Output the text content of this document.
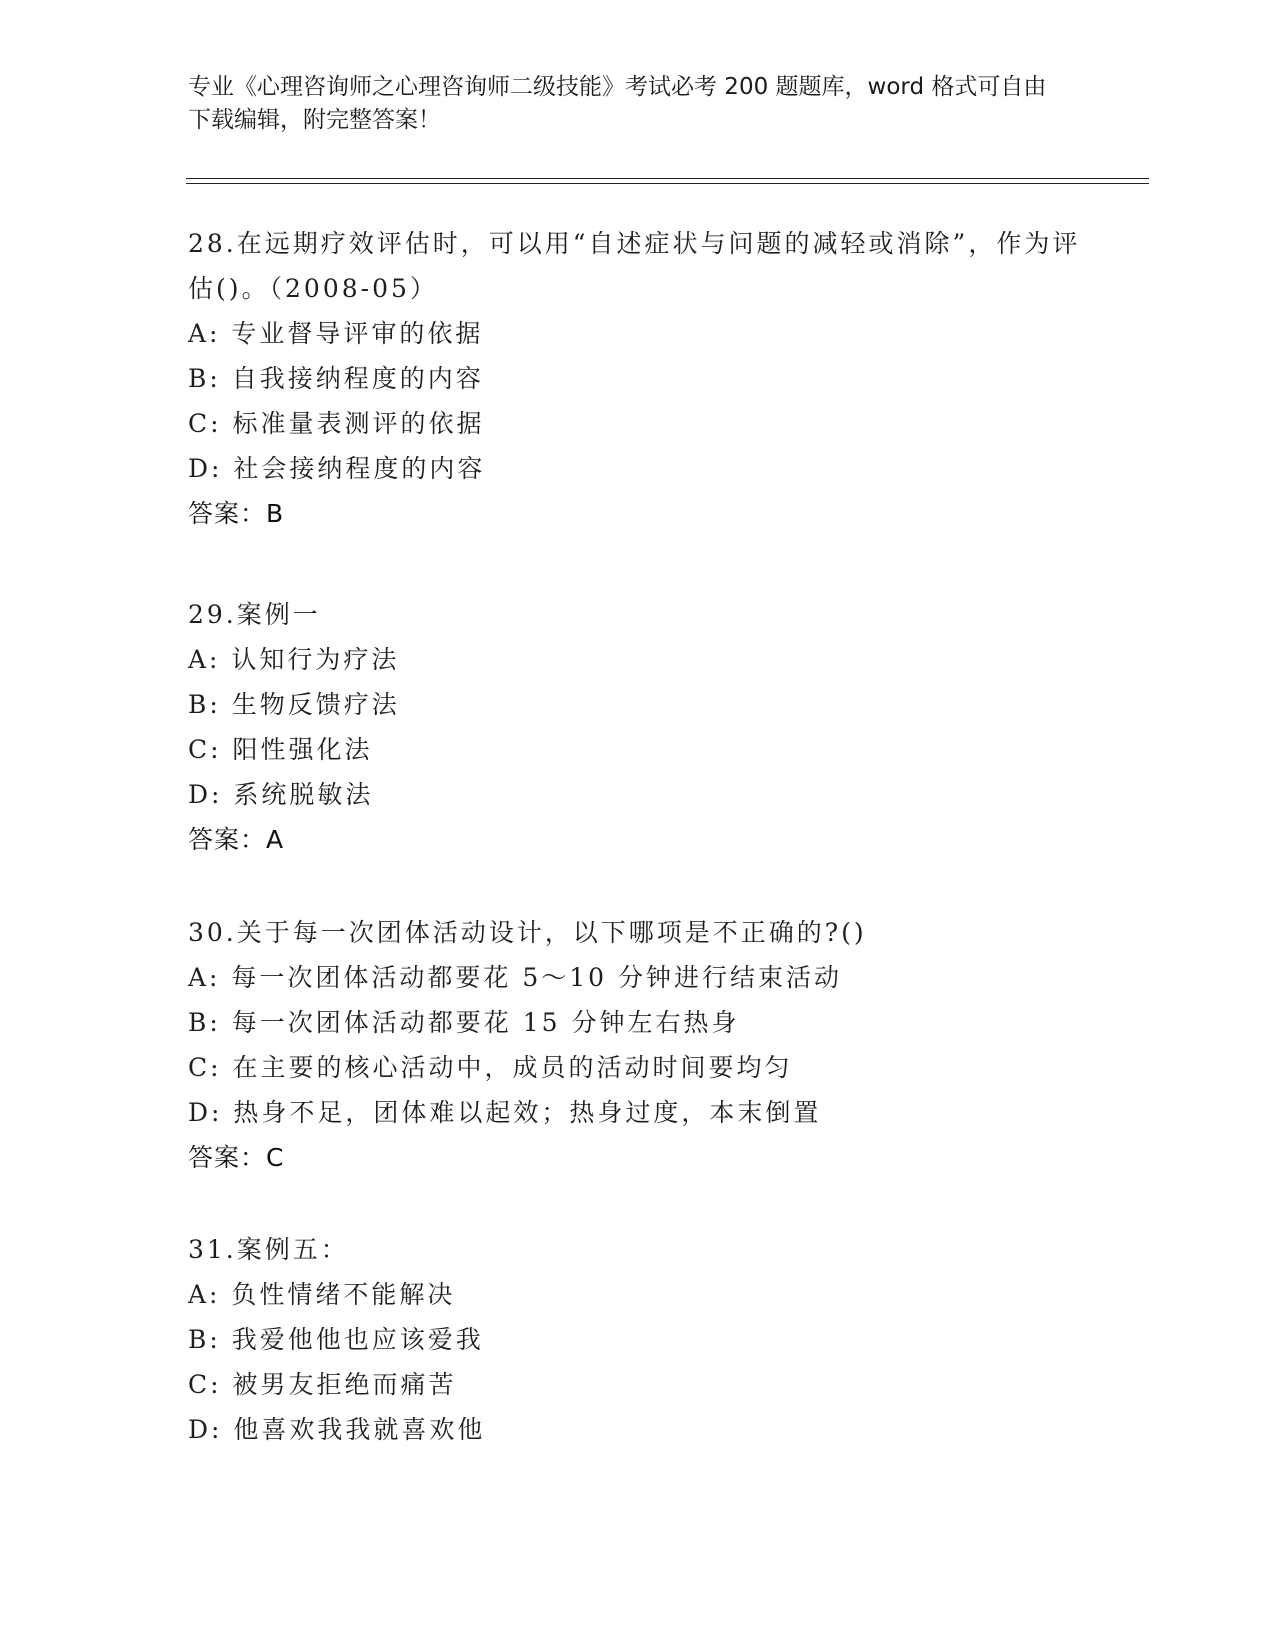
专业《心理咨询师之心理咨询师二级技能》考试必考 200 题题库，word 格式可自由下载编辑，附完整答案！
28.在远期疗效评估时，可以用“自述症状与问题的减轻或消除”，作为评估()。（2008-05）
A: 专业督导评审的依据
B: 自我接纳程度的内容
C: 标准量表测评的依据
D: 社会接纳程度的内容
答案：B
29.案例一
A: 认知行为疗法
B: 生物反馈疗法
C: 阳性强化法
D: 系统脱敏法
答案：A
30.关于每一次团体活动设计，以下哪项是不正确的?()
A: 每一次团体活动都要花 5～10 分钟进行结束活动
B: 每一次团体活动都要花 15 分钟左右热身
C: 在主要的核心活动中，成员的活动时间要均匀
D: 热身不足，团体难以起效；热身过度，本末倒置
答案：C
31.案例五：
A: 负性情绪不能解决
B: 我爱他他也应该爱我
C: 被男友拒绝而痛苦
D: 他喜欢我我就喜欢他
